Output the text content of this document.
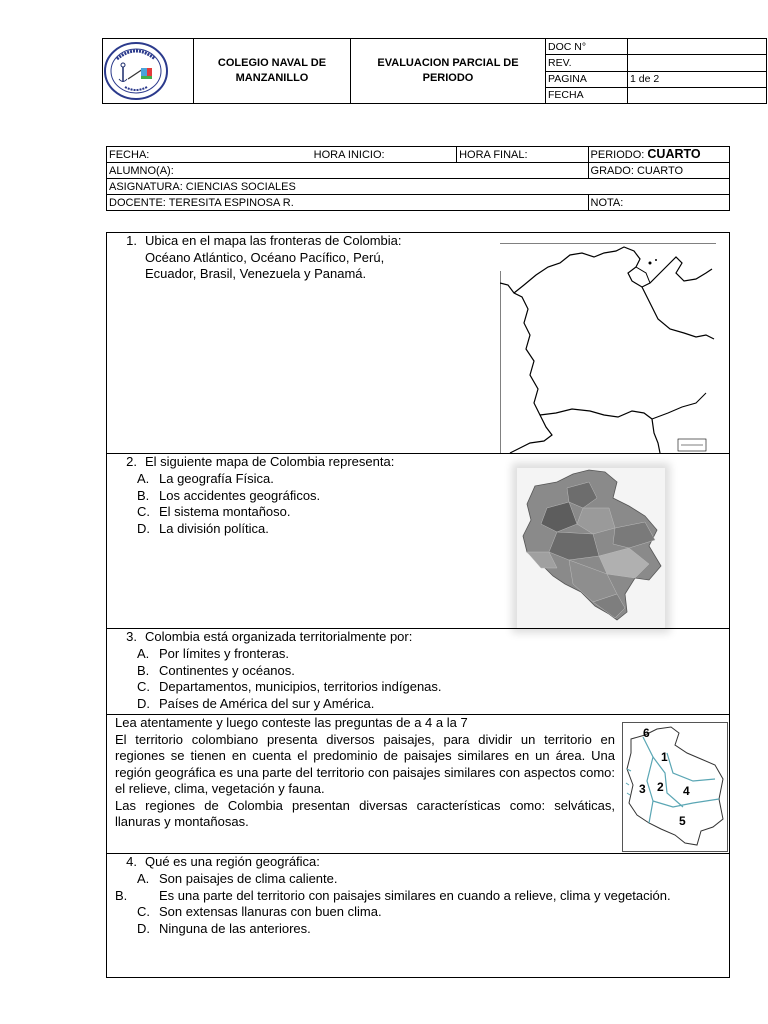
	COLEGIO NAVAL DE MANZANILLO	EVALUACION PARCIAL DE PERIODO	DOC N°	
			REV.	
			PAGINA	1 de 2
			FECHA	
FECHA:	HORA INICIO:	HORA FINAL:	PERIODO: CUARTO
ALUMNO(A):			GRADO: CUARTO
ASIGNATURA: CIENCIAS SOCIALES			
DOCENTE: TERESITA ESPINOSA R.			NOTA:
1. Ubica en el mapa las fronteras de Colombia:
Océano Atlántico, Océano Pacífico, Perú,
Ecuador, Brasil, Venezuela y Panamá.
2. El siguiente mapa de Colombia representa:
A. La geografía Física.
B. Los accidentes geográficos.
C. El sistema montañoso.
D. La división política.
3. Colombia está organizada territorialmente por:
A. Por límites y fronteras.
B. Continentes y océanos.
C. Departamentos, municipios, territorios indígenas.
D. Países de América del sur y América.
Lea atentamente y luego conteste las preguntas de a 4 a la 7
El territorio colombiano presenta diversos paisajes, para dividir un territorio en regiones se tienen en cuenta el predominio de paisajes similares en un área. Una región geográfica es una parte del territorio con paisajes similares con aspectos como: el relieve, clima, vegetación y fauna.
Las regiones de Colombia presentan diversas características como: selváticas, llanuras y montañosas.
6
1
3 2 4
5
4. Qué es una región geográfica:
A. Son paisajes de clima caliente.
B. Es una parte del territorio con paisajes similares en cuando a relieve, clima y vegetación.
C. Son extensas llanuras con buen clima.
D. Ninguna de las anteriores.
